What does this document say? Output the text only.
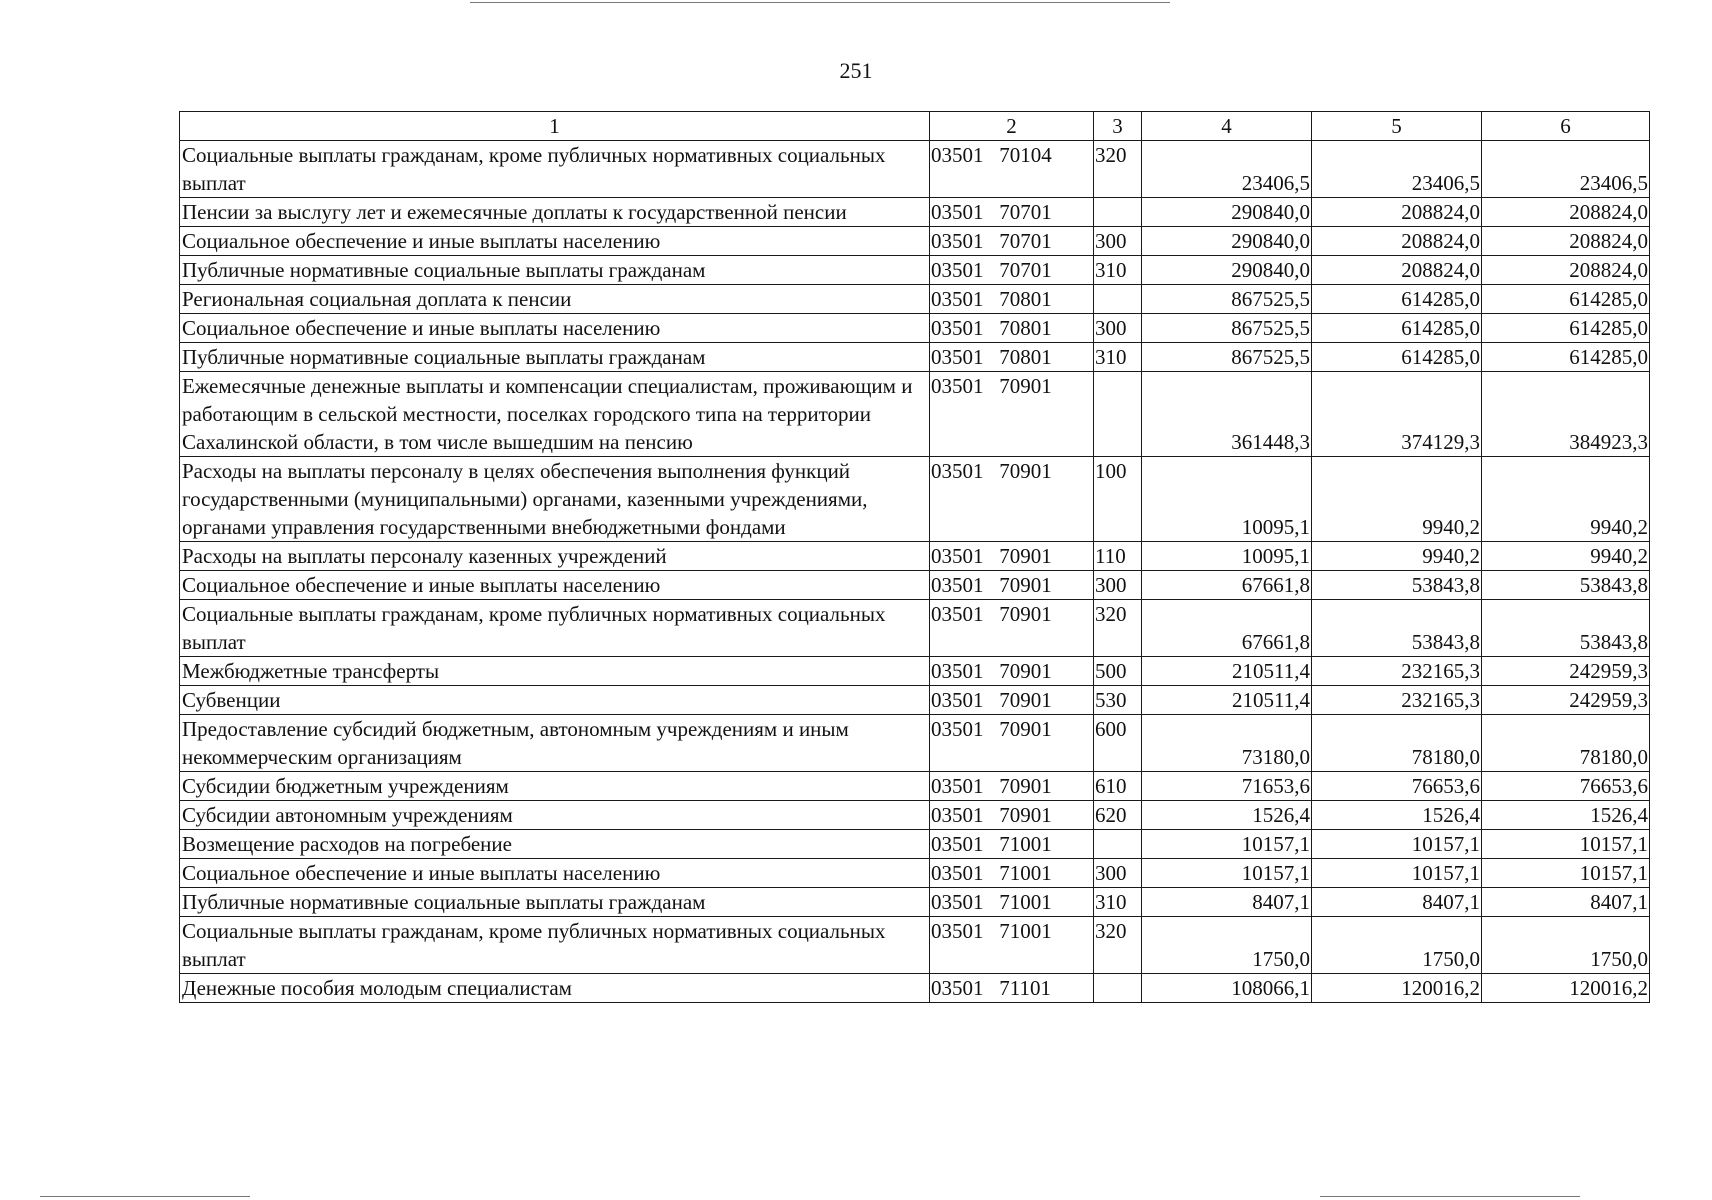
251
1	2	3	4	5	6
Социальные выплаты гражданам, кроме публичных нормативных социальных выплат	03501   70104	320	23406,5	23406,5	23406,5
Пенсии за выслугу лет и ежемесячные доплаты к государственной пенсии	03501   70701		290840,0	208824,0	208824,0
Социальное обеспечение и иные выплаты населению	03501   70701	300	290840,0	208824,0	208824,0
Публичные нормативные социальные выплаты гражданам	03501   70701	310	290840,0	208824,0	208824,0
Региональная социальная доплата к пенсии	03501   70801		867525,5	614285,0	614285,0
Социальное обеспечение и иные выплаты населению	03501   70801	300	867525,5	614285,0	614285,0
Публичные нормативные социальные выплаты гражданам	03501   70801	310	867525,5	614285,0	614285,0
Ежемесячные денежные выплаты и компенсации специалистам, проживающим и работающим в сельской местности, поселках городского типа на территории Сахалинской области, в том числе вышедшим на пенсию	03501   70901		361448,3	374129,3	384923,3
Расходы на выплаты персоналу в целях обеспечения выполнения функций государственными (муниципальными) органами, казенными учреждениями, органами управления государственными внебюджетными фондами	03501   70901	100	10095,1	9940,2	9940,2
Расходы на выплаты персоналу казенных учреждений	03501   70901	110	10095,1	9940,2	9940,2
Социальное обеспечение и иные выплаты населению	03501   70901	300	67661,8	53843,8	53843,8
Социальные выплаты гражданам, кроме публичных нормативных социальных выплат	03501   70901	320	67661,8	53843,8	53843,8
Межбюджетные трансферты	03501   70901	500	210511,4	232165,3	242959,3
Субвенции	03501   70901	530	210511,4	232165,3	242959,3
Предоставление субсидий бюджетным, автономным учреждениям и иным некоммерческим организациям	03501   70901	600	73180,0	78180,0	78180,0
Субсидии бюджетным учреждениям	03501   70901	610	71653,6	76653,6	76653,6
Субсидии автономным учреждениям	03501   70901	620	1526,4	1526,4	1526,4
Возмещение расходов на погребение	03501   71001		10157,1	10157,1	10157,1
Социальное обеспечение и иные выплаты населению	03501   71001	300	10157,1	10157,1	10157,1
Публичные нормативные социальные выплаты гражданам	03501   71001	310	8407,1	8407,1	8407,1
Социальные выплаты гражданам, кроме публичных нормативных социальных выплат	03501   71001	320	1750,0	1750,0	1750,0
Денежные пособия молодым специалистам	03501   71101		108066,1	120016,2	120016,2
